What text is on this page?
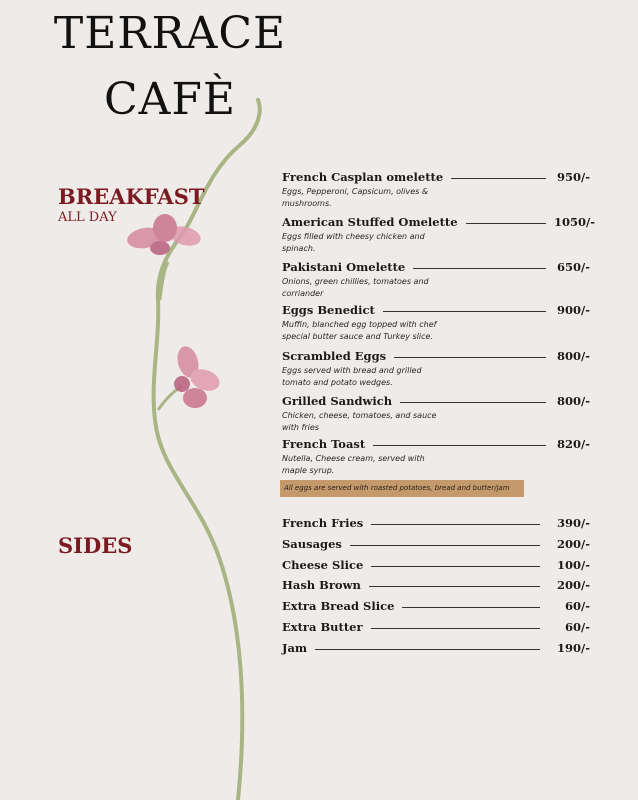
TERRACE
CAFÈ
BREAKFAST
ALL DAY
French Casplan omelette	950/-
Eggs, Pepperoni, Capsicum, olives & mushrooms.
American Stuffed Omelette	1050/-
Eggs filled with cheesy chicken and spinach.
Pakistani Omelette	650/-
Onions, green chillies, tomatoes and corriander
Eggs Benedict	900/-
Muffin, blanched egg topped with chef special butter sauce and Turkey slice.
Scrambled Eggs	800/-
Eggs served with bread and grilled tomato and potato wedges.
Grilled Sandwich	800/-
Chicken, cheese, tomatoes, and sauce with fries
French Toast	820/-
Nutella, Cheese cream, served with maple syrup.
All eggs are served with roasted potatoes, bread and butter/jam
SIDES
French Fries	390/-
Sausages	200/-
Cheese Slice	100/-
Hash Brown	200/-
Extra Bread Slice	60/-
Extra Butter	60/-
Jam	190/-
